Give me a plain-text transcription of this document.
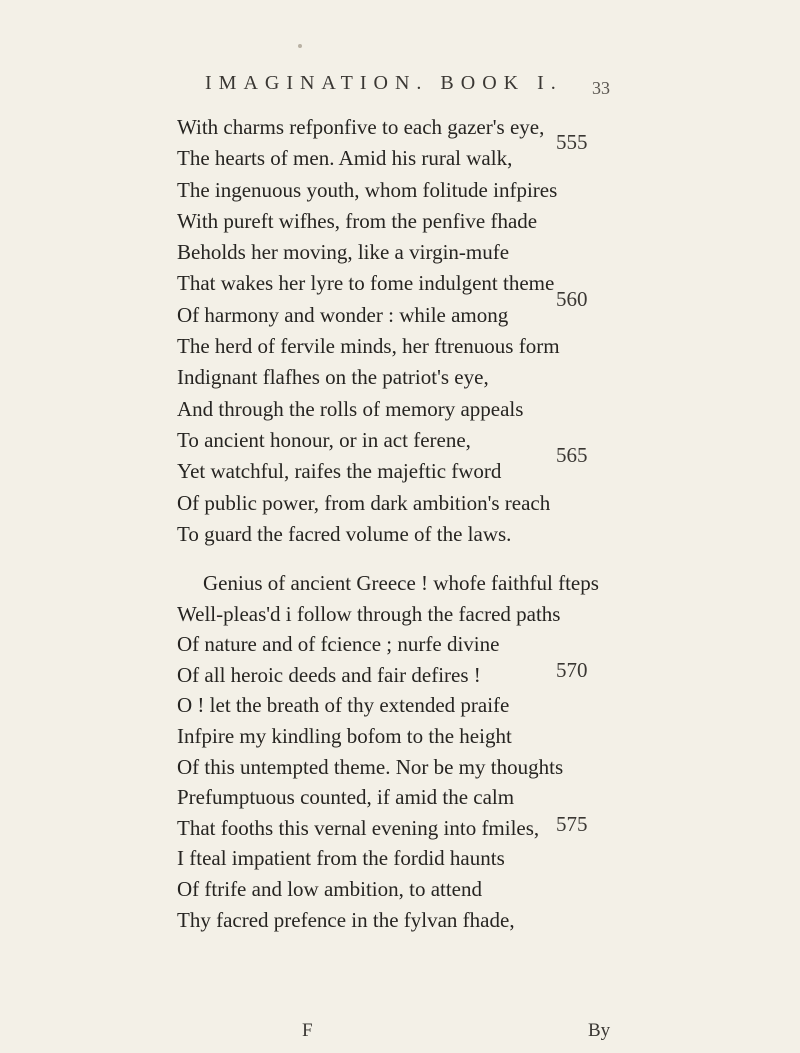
IMAGINATION. BOOK I. 33
With charms refponfive to each gazer's eye,
The hearts of men. Amid his rural walk,
The ingenuous youth, whom folitude infpires
With pureft wifhes, from the penfive fhade
Beholds her moving, like a virgin-mufe
That wakes her lyre to fome indulgent theme
Of harmony and wonder : while among
The herd of fervile minds, her ftrenuous form
Indignant flafhes on the patriot's eye,
And through the rolls of memory appeals
To ancient honour, or in act ferene,
Yet watchful, raifes the majeftic fword
Of public power, from dark ambition's reach
To guard the facred volume of the laws.
Genius of ancient Greece ! whofe faithful fteps
Well-pleas'd i follow through the facred paths
Of nature and of fcience ; nurfe divine
Of all heroic deeds and fair defires !
O ! let the breath of thy extended praife
Infpire my kindling bofom to the height
Of this untempted theme. Nor be my thoughts
Prefumptuous counted, if amid the calm
That fooths this vernal evening into fmiles,
I fteal impatient from the fordid haunts
Of ftrife and low ambition, to attend
Thy facred prefence in the fylvan fhade,
555
560
565
570
575
F	By
